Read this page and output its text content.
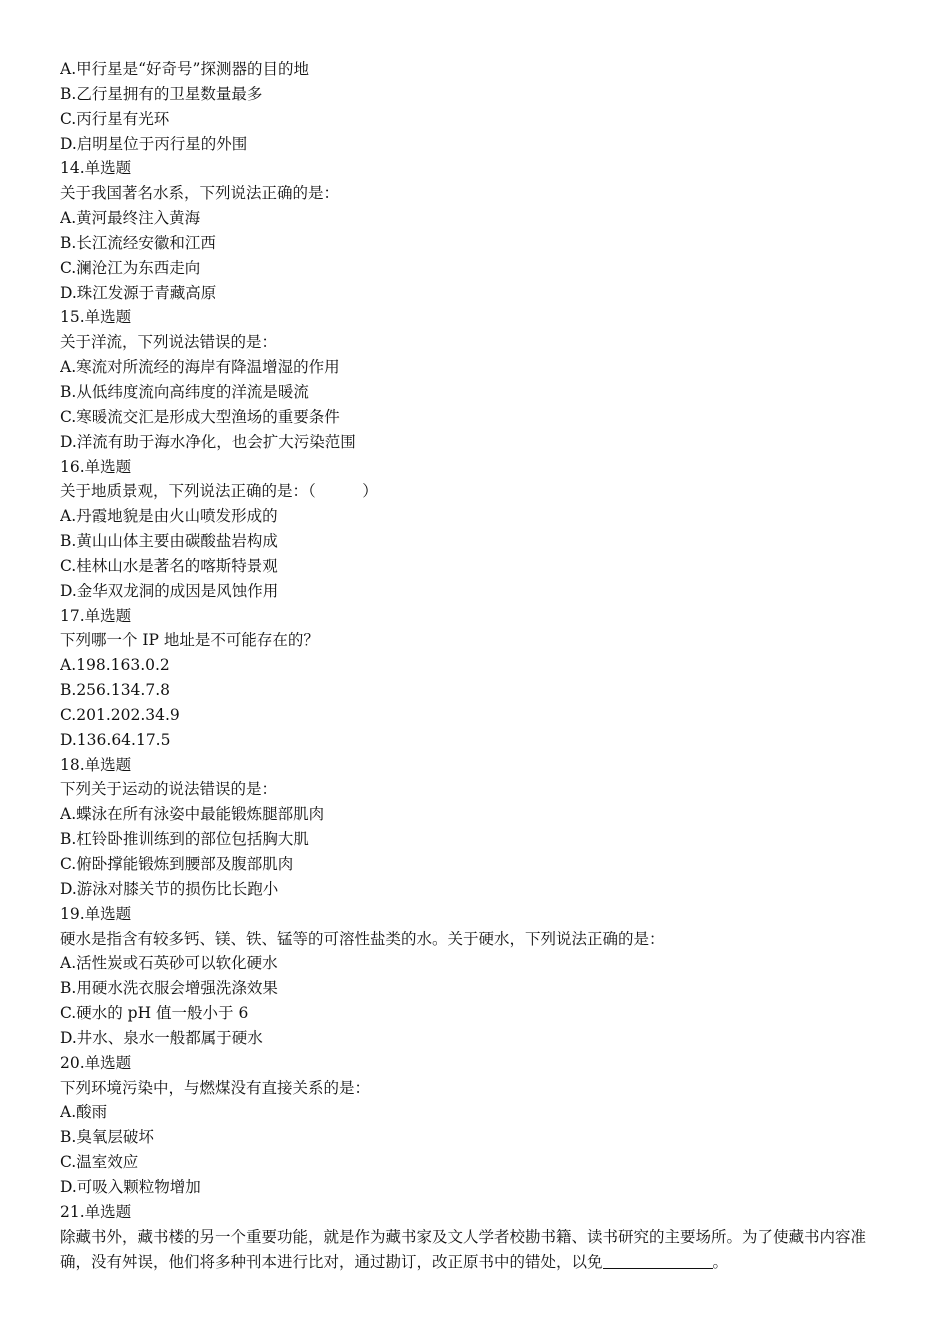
A.甲行星是“好奇号”探测器的目的地
B.乙行星拥有的卫星数量最多
C.丙行星有光环
D.启明星位于丙行星的外围
14.单选题
关于我国著名水系，下列说法正确的是：
A.黄河最终注入黄海
B.长江流经安徽和江西
C.澜沧江为东西走向
D.珠江发源于青藏高原
15.单选题
关于洋流，下列说法错误的是：
A.寒流对所流经的海岸有降温增湿的作用
B.从低纬度流向高纬度的洋流是暖流
C.寒暖流交汇是形成大型渔场的重要条件
D.洋流有助于海水净化，也会扩大污染范围
16.单选题
关于地质景观，下列说法正确的是：（　　　）
A.丹霞地貌是由火山喷发形成的
B.黄山山体主要由碳酸盐岩构成
C.桂林山水是著名的喀斯特景观
D.金华双龙洞的成因是风蚀作用
17.单选题
下列哪一个 IP 地址是不可能存在的？
A.198.163.0.2
B.256.134.7.8
C.201.202.34.9
D.136.64.17.5
18.单选题
下列关于运动的说法错误的是：
A.蝶泳在所有泳姿中最能锻炼腿部肌肉
B.杠铃卧推训练到的部位包括胸大肌
C.俯卧撑能锻炼到腰部及腹部肌肉
D.游泳对膝关节的损伤比长跑小
19.单选题
硬水是指含有较多钙、镁、铁、锰等的可溶性盐类的水。关于硬水，下列说法正确的是：
A.活性炭或石英砂可以软化硬水
B.用硬水洗衣服会增强洗涤效果
C.硬水的 pH 值一般小于 6
D.井水、泉水一般都属于硬水
20.单选题
下列环境污染中，与燃煤没有直接关系的是：
A.酸雨
B.臭氧层破坏
C.温室效应
D.可吸入颗粒物增加
21.单选题
除藏书外，藏书楼的另一个重要功能，就是作为藏书家及文人学者校勘书籍、读书研究的主要场所。为了使藏书内容准确，没有舛误，他们将多种刊本进行比对，通过勘订，改正原书中的错处，以免	。
